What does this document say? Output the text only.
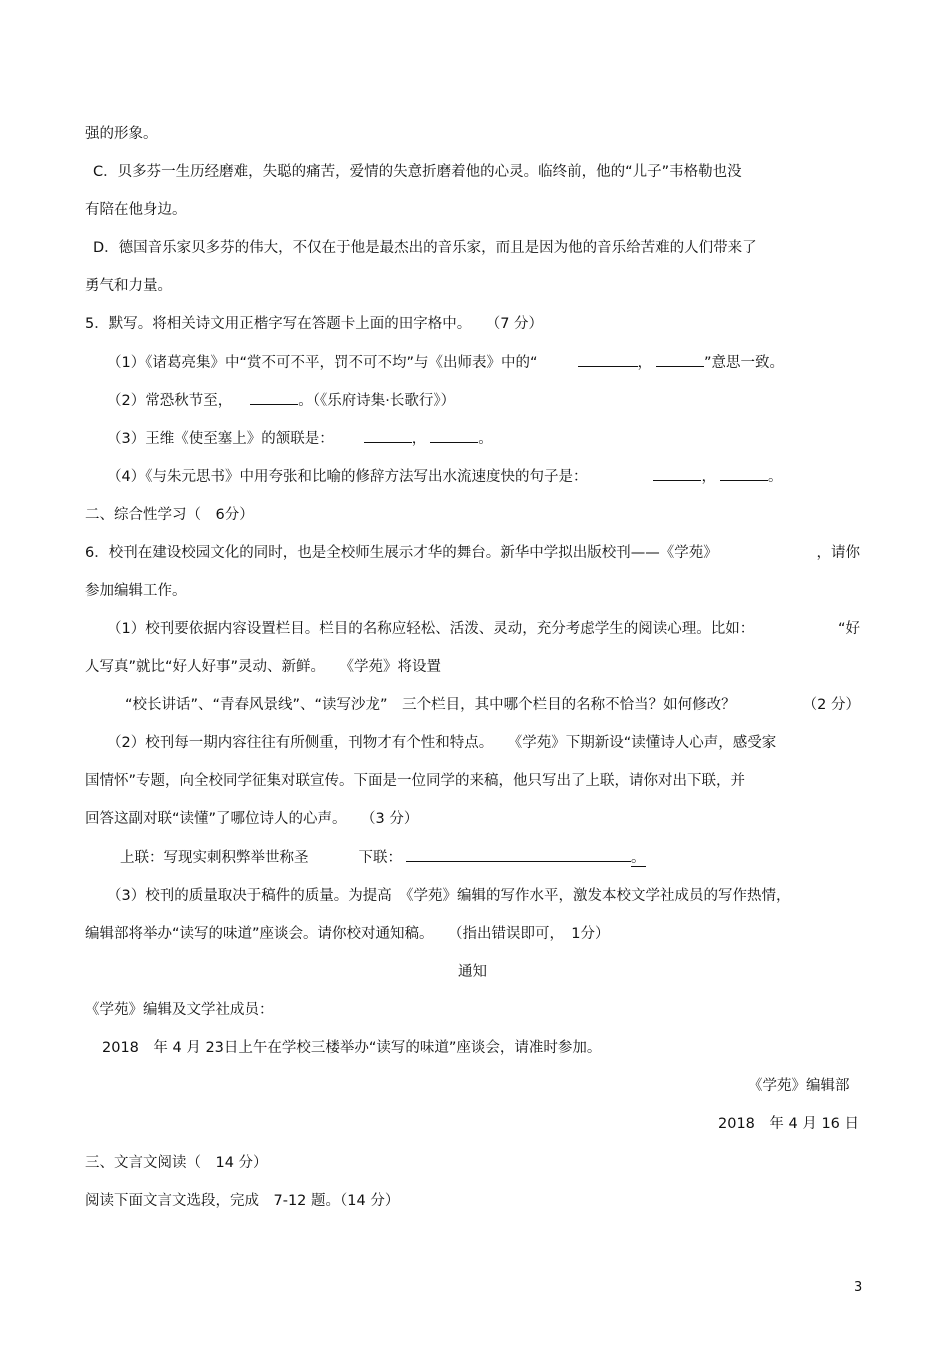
强的形象。
C．贝多芬一生历经磨难，失聪的痛苦，爱情的失意折磨着他的心灵。临终前，他的“儿子”韦格勒也没
有陪在他身边。
D．德国音乐家贝多芬的伟大，不仅在于他是最杰出的音乐家，而且是因为他的音乐给苦难的人们带来了
勇气和力量。
5．默写。将相关诗文用正楷字写在答题卡上面的田字格中。　　（7 分）
（1）《诸葛亮集》中“赏不可不平，罚不可不均”与《出师表》中的“	，	”意思一致。
（2）常恐秋节至，	。（《乐府诗集·长歌行》）
（3）王维《使至塞上》的颔联是：	，	。
（4）《与朱元思书》中用夸张和比喻的修辞方法写出水流速度快的句子是：	，	。
二、综合性学习（　6分）
6．校刊在建设校园文化的同时，也是全校师生展示才华的舞台。新华中学拟出版校刊——《学苑》	，请你
参加编辑工作。
（1）校刊要依据内容设置栏目。栏目的名称应轻松、活泼、灵动，充分考虑学生的阅读心理。比如：	“好
人写真”就比“好人好事”灵动、新鲜。　　《学苑》将设置
“校长讲话”、“青春风景线”、“读写沙龙”　三个栏目，其中哪个栏目的名称不恰当？如何修改？	（2 分）
（2）校刊每一期内容往往有所侧重，刊物才有个性和特点。　　《学苑》下期新设“读懂诗人心声，感受家
国情怀”专题，向全校同学征集对联宣传。下面是一位同学的来稿，他只写出了上联，请你对出下联，并
回答这副对联“读懂”了哪位诗人的心声。　　（3 分）
上联：写现实刺积弊举世称圣	下联：	。
（3）校刊的质量取决于稿件的质量。为提高　《学苑》编辑的写作水平，激发本校文学社成员的写作热情，
编辑部将举办“读写的味道”座谈会。请你校对通知稿。　　（指出错误即可，　1分）
通知
《学苑》编辑及文学社成员：
2018　年 4 月 23日上午在学校三楼举办“读写的味道”座谈会，请准时参加。
《学苑》编辑部
2018　年 4 月 16 日
三、文言文阅读（　14 分）
阅读下面文言文选段，完成　7-12 题。（14 分）
3
